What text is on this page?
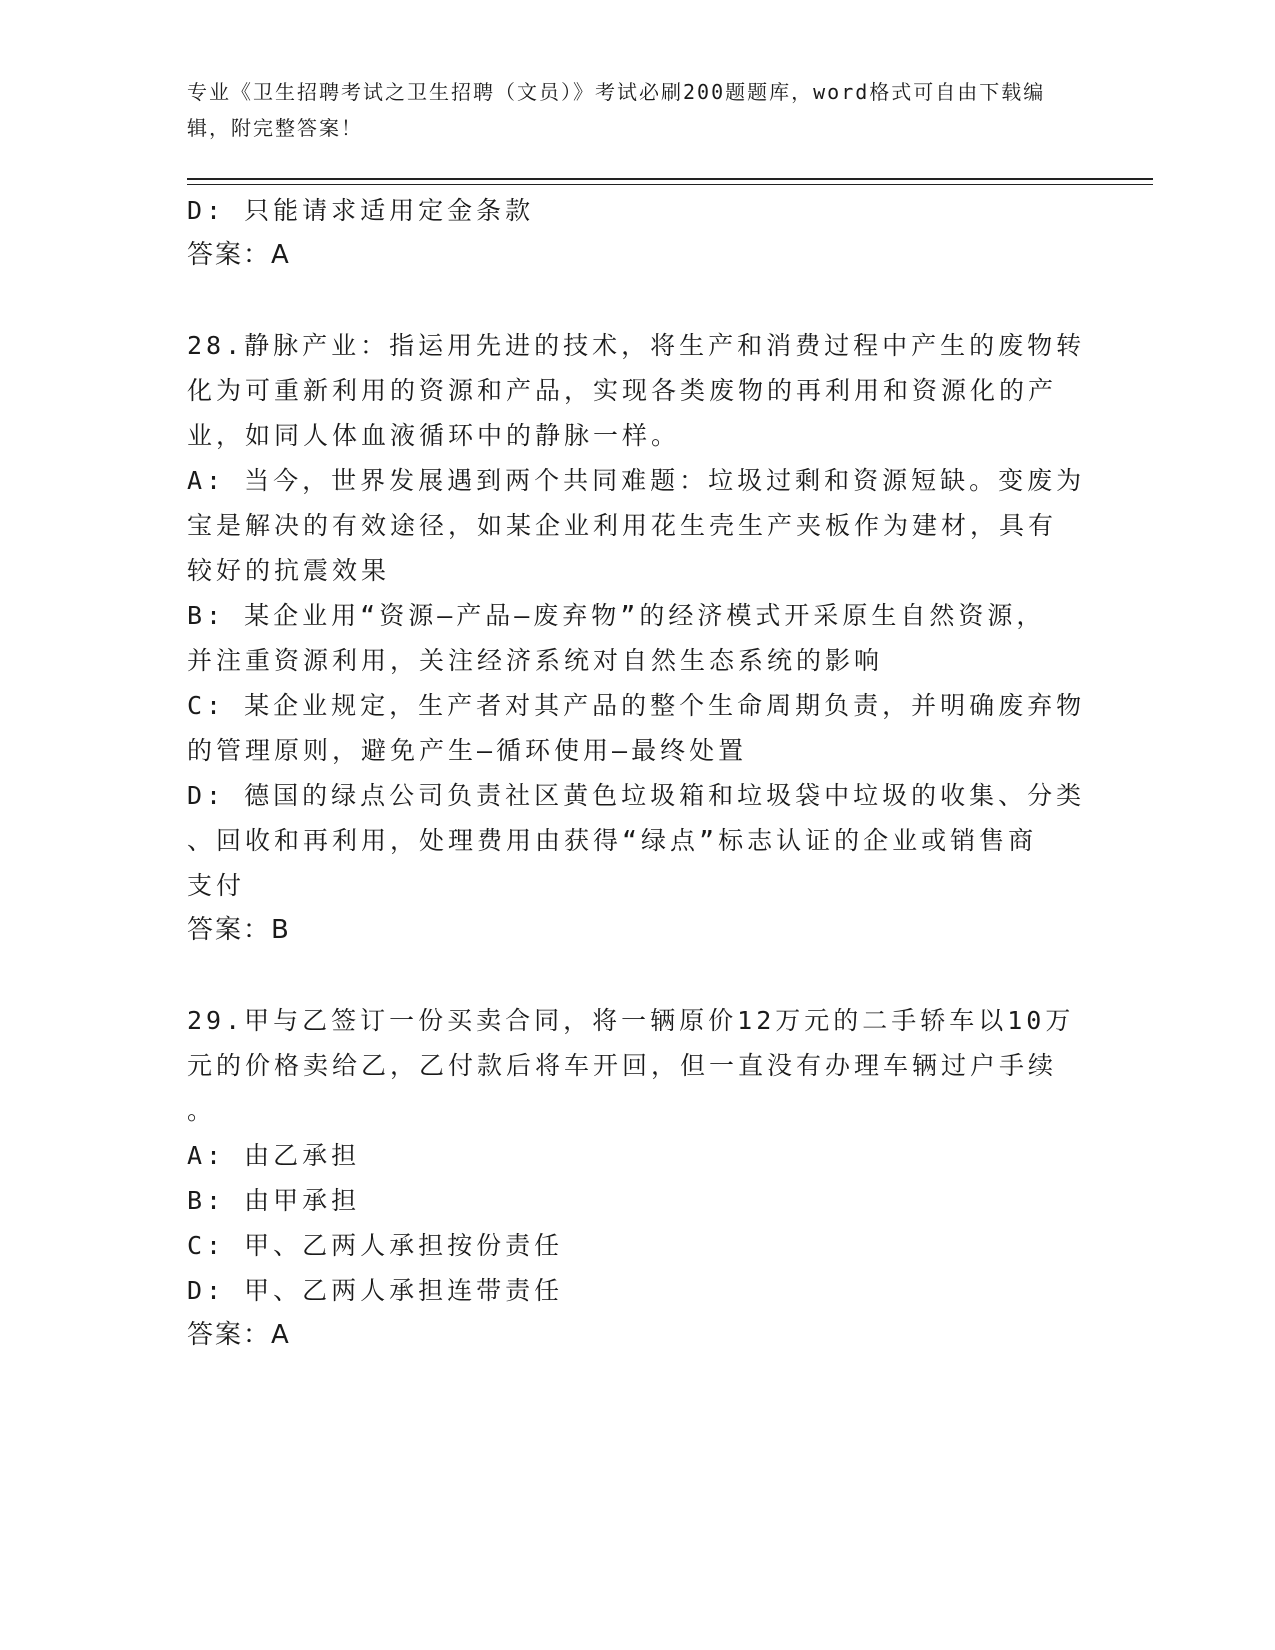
专业《卫生招聘考试之卫生招聘（文员）》考试必刷200题题库，word格式可自由下载编辑，附完整答案！
D: 只能请求适用定金条款
答案：A
28.静脉产业：指运用先进的技术，将生产和消费过程中产生的废物转
化为可重新利用的资源和产品，实现各类废物的再利用和资源化的产
业，如同人体血液循环中的静脉一样。
A: 当今，世界发展遇到两个共同难题：垃圾过剩和资源短缺。变废为
宝是解决的有效途径，如某企业利用花生壳生产夹板作为建材，具有
较好的抗震效果
B: 某企业用“资源—产品—废弃物”的经济模式开采原生自然资源，
并注重资源利用，关注经济系统对自然生态系统的影响
C: 某企业规定，生产者对其产品的整个生命周期负责，并明确废弃物
的管理原则，避免产生—循环使用—最终处置
D: 德国的绿点公司负责社区黄色垃圾箱和垃圾袋中垃圾的收集、分类
、回收和再利用，处理费用由获得“绿点”标志认证的企业或销售商
支付
答案：B
29.甲与乙签订一份买卖合同，将一辆原价12万元的二手轿车以10万
元的价格卖给乙，乙付款后将车开回，但一直没有办理车辆过户手续
。
A: 由乙承担
B: 由甲承担
C: 甲、乙两人承担按份责任
D: 甲、乙两人承担连带责任
答案：A
